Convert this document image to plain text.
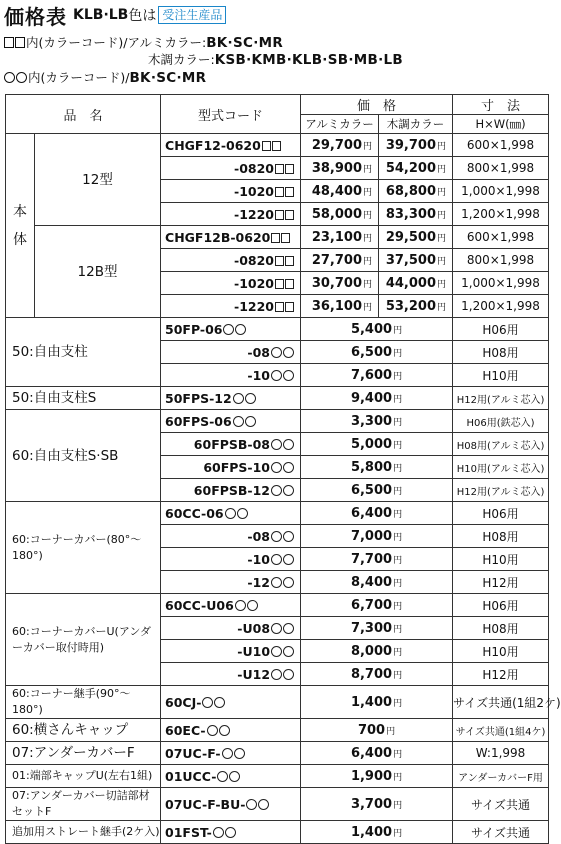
価格表 KLB·LB 色は 受注生産品
内(カラーコード)/アルミカラー:BK·SC·MR
木調カラー:KSB·KMB·KLB·SB·MB·LB
内(カラーコード)/BK·SC·MR
品　名		型式コード	価　格		寸　法
			アルミカラー	木調カラー	H×W(㎜)
本
体	12型	CHGF12-0620	29,700円	39,700円	600×1,998
		-0820	38,900円	54,200円	800×1,998
		-1020	48,400円	68,800円	1,000×1,998
		-1220	58,000円	83,300円	1,200×1,998
	12B型	CHGF12B-0620	23,100円	29,500円	600×1,998
		-0820	27,700円	37,500円	800×1,998
		-1020	30,700円	44,000円	1,000×1,998
		-1220	36,100円	53,200円	1,200×1,998
50:自由支柱		50FP-06	5,400円		H06用
		-08	6,500円		H08用
		-10	7,600円		H10用
50:自由支柱S		50FPS-12	9,400円		H12用(アルミ芯入)
60:自由支柱S·SB		60FPS-06	3,300円		H06用(鉄芯入)
		60FPSB-08	5,000円		H08用(アルミ芯入)
		60FPS-10	5,800円		H10用(アルミ芯入)
		60FPSB-12	6,500円		H12用(アルミ芯入)
60:コーナーカバー(80°〜180°)		60CC-06	6,400円		H06用
		-08	7,000円		H08用
		-10	7,700円		H10用
		-12	8,400円		H12用
60:コーナーカバーU(アンダーカバー取付時用)		60CC-U06	6,700円		H06用
		-U08	7,300円		H08用
		-U10	8,000円		H10用
		-U12	8,700円		H12用
60:コーナー継手(90°〜180°)		60CJ-	1,400円		サイズ共通(1組2ケ)
60:横さんキャップ		60EC-	700円		サイズ共通(1組4ケ)
07:アンダーカバーF		07UC-F-	6,400円		W:1,998
01:端部キャップU(左右1組)		01UCC-	1,900円		アンダーカバーF用
07:アンダーカバー切詰部材セットF		07UC-F-BU-	3,700円		サイズ共通
追加用ストレート継手(2ケ入)		01FST-	1,400円		サイズ共通
